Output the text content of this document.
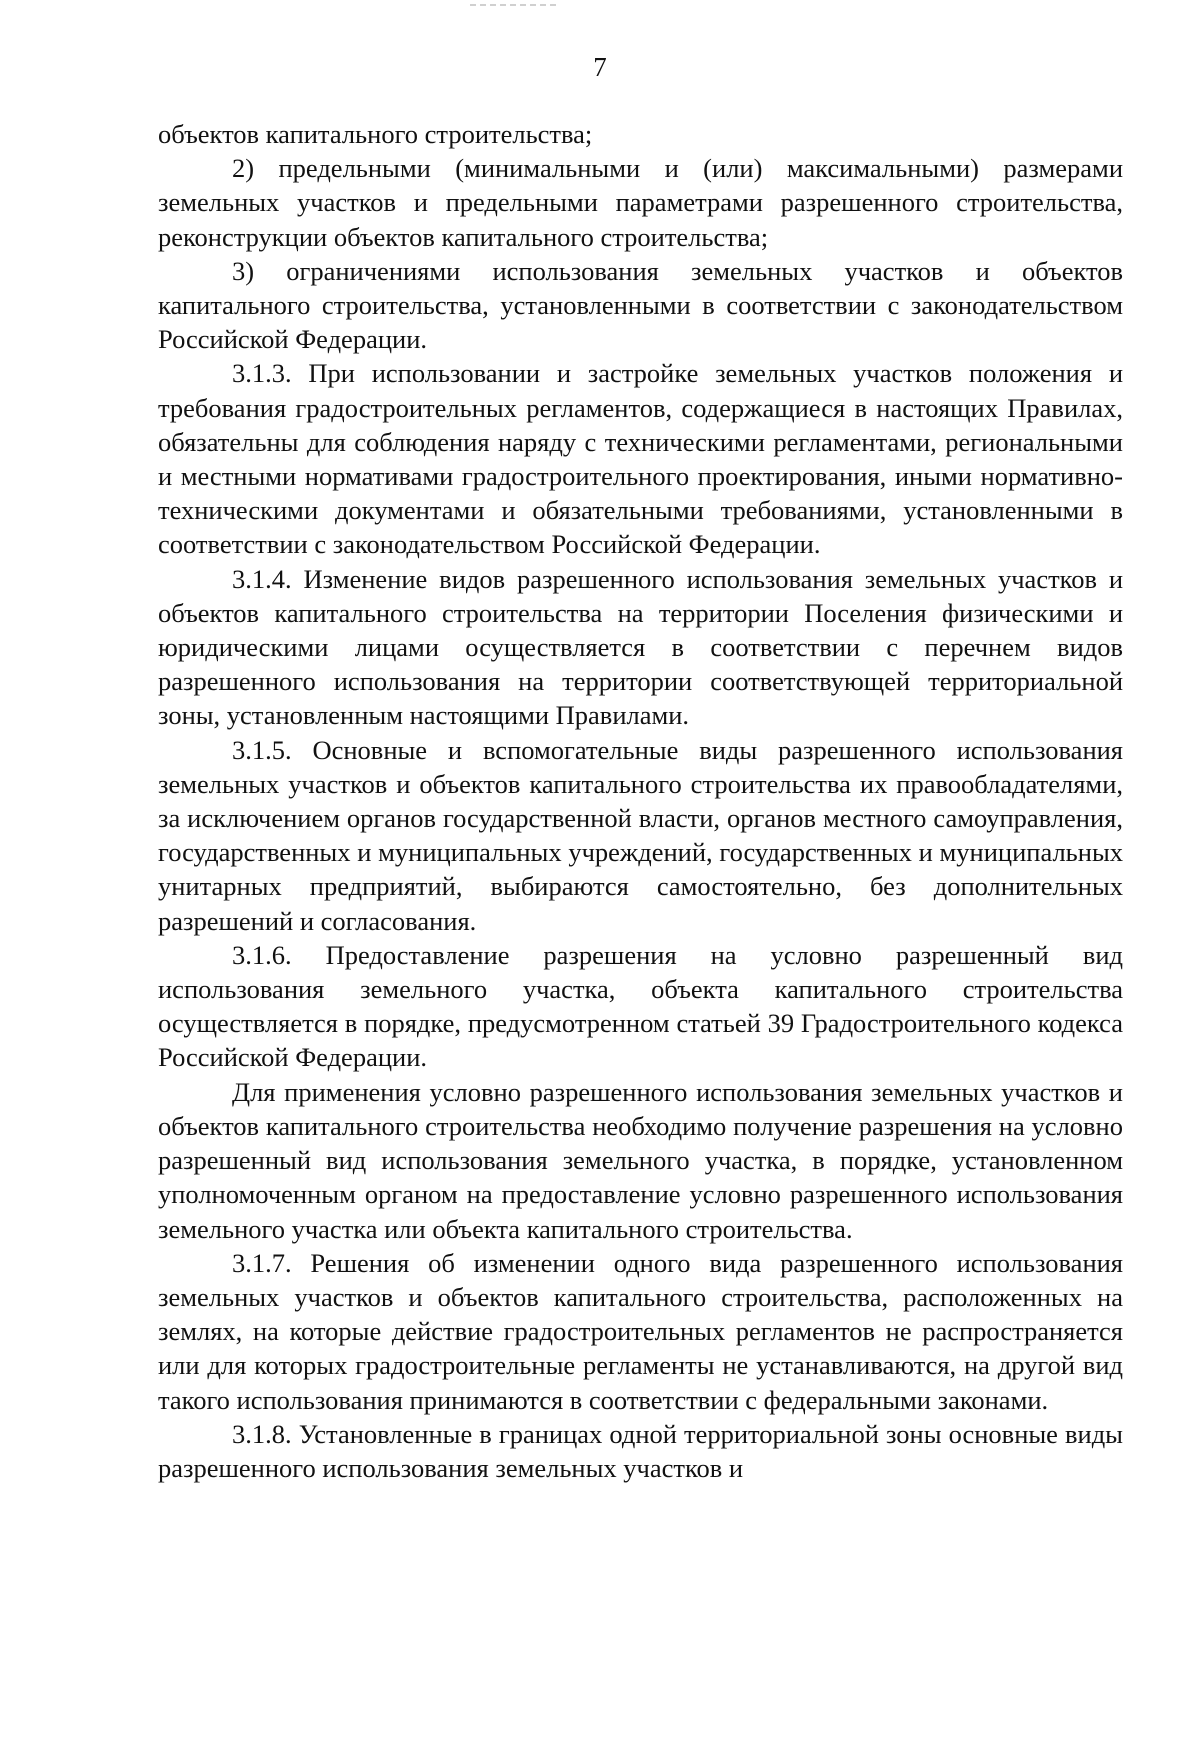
7

объектов капитального строительства;

2) предельными (минимальными и (или) максимальными) размерами земельных участков и предельными параметрами разрешенного строительства, реконструкции объектов капитального строительства;

3) ограничениями использования земельных участков и объектов капитального строительства, установленными в соответствии с законодательством Российской Федерации.

3.1.3. При использовании и застройке земельных участков положения и требования градостроительных регламентов, содержащиеся в настоящих Правилах, обязательны для соблюдения наряду с техническими регламентами, региональными и местными нормативами градостроительного проектирования, иными нормативно-техническими документами и обязательными требованиями, установленными в соответствии с законодательством Российской Федерации.

3.1.4. Изменение видов разрешенного использования земельных участков и объектов капитального строительства на территории Поселения физическими и юридическими лицами осуществляется в соответствии с перечнем видов разрешенного использования на территории соответствующей территориальной зоны, установленным настоящими Правилами.

3.1.5. Основные и вспомогательные виды разрешенного использования земельных участков и объектов капитального строительства их правообладателями, за исключением органов государственной власти, органов местного самоуправления, государственных и муниципальных учреждений, государственных и муниципальных унитарных предприятий, выбираются самостоятельно, без дополнительных разрешений и согласования.

3.1.6. Предоставление разрешения на условно разрешенный вид использования земельного участка, объекта капитального строительства осуществляется в порядке, предусмотренном статьей 39 Градостроительного кодекса Российской Федерации.

Для применения условно разрешенного использования земельных участков и объектов капитального строительства необходимо получение разрешения на условно разрешенный вид использования земельного участка, в порядке, установленном уполномоченным органом на предоставление условно разрешенного использования земельного участка или объекта капитального строительства.

3.1.7. Решения об изменении одного вида разрешенного использования земельных участков и объектов капитального строительства, расположенных на землях, на которые действие градостроительных регламентов не распространяется или для которых градостроительные регламенты не устанавливаются, на другой вид такого использования принимаются в соответствии с федеральными законами.

3.1.8. Установленные в границах одной территориальной зоны основные виды разрешенного использования земельных участков и
